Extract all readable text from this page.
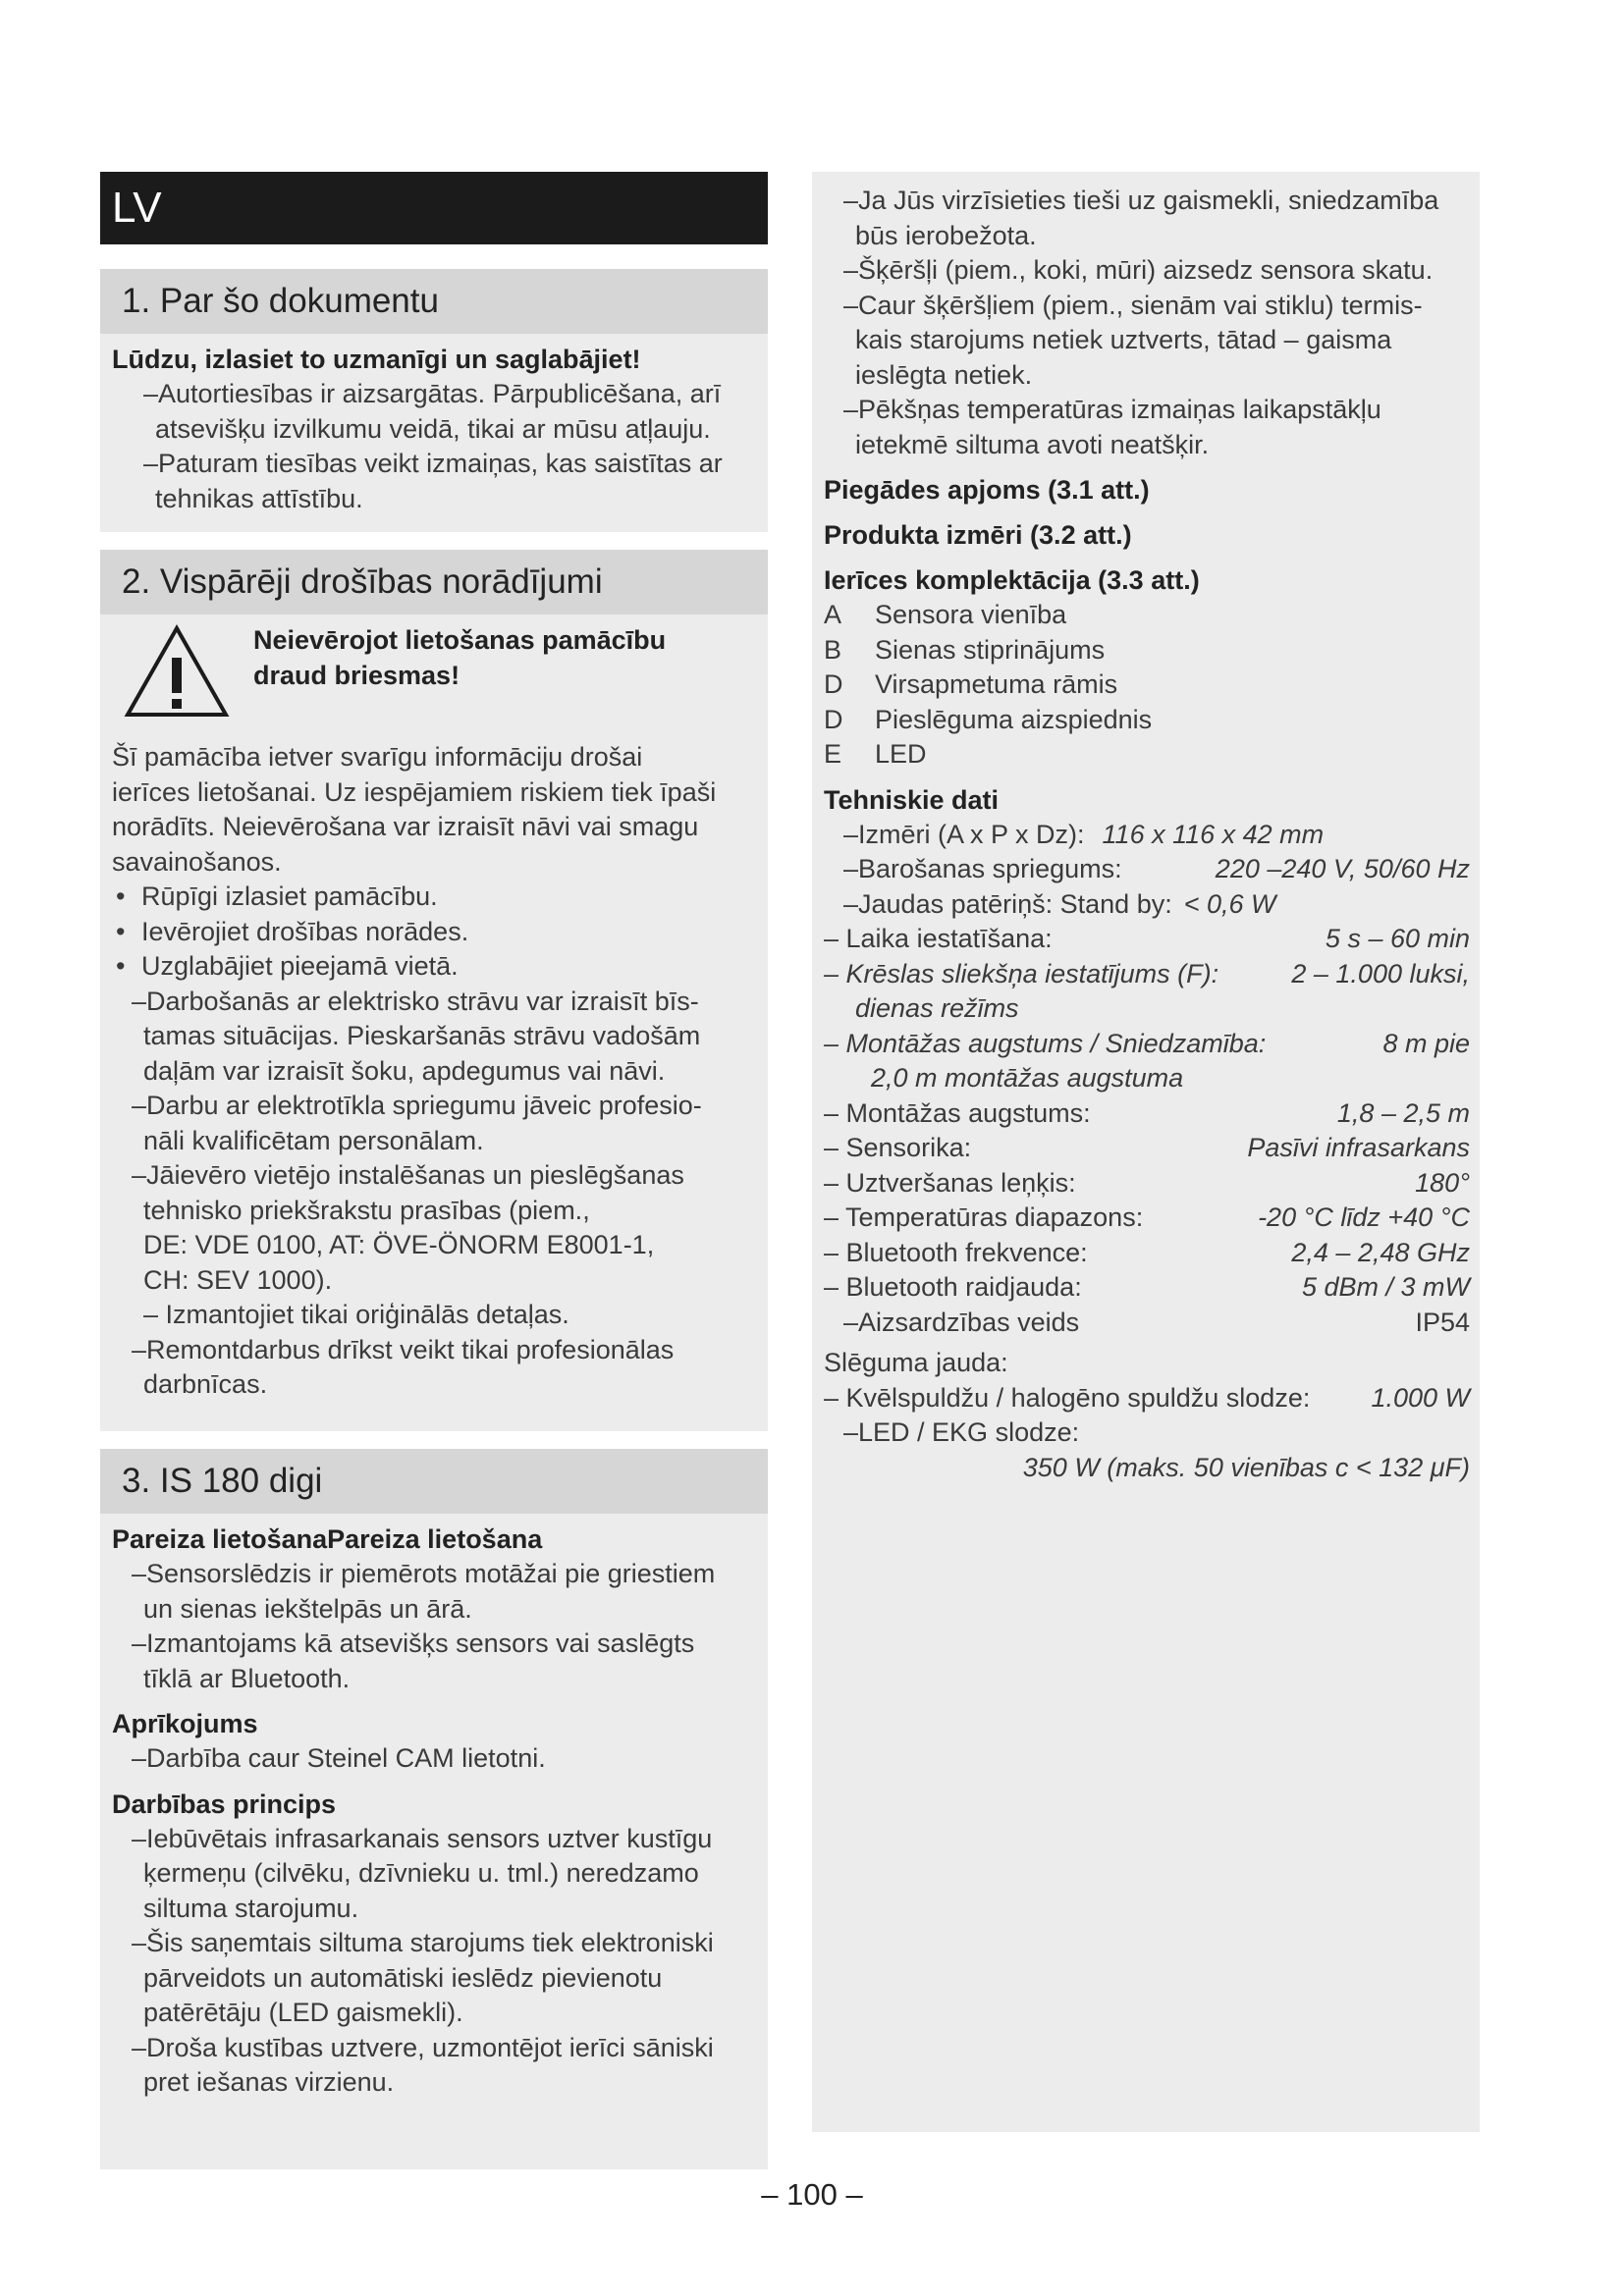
LV
1. Par šo dokumentu

Lūdzu, izlasiet to uzmanīgi un saglabājiet!

–Autortiesības ir aizsargātas. Pārpublicēšana, arī

atsevišķu izvilkumu veidā, tikai ar mūsu atļauju.

–Paturam tiesības veikt izmaiņas, kas saistītas ar

tehnikas attīstību.

2. Vispārēji drošības norādījumi

Neievērojot lietošanas pamācību

draud briesmas!

Šī pamācība ietver svarīgu informāciju drošai

ierīces lietošanai. Uz iespējamiem riskiem tiek īpaši

norādīts. Neievērošana var izraisīt nāvi vai smagu

savainošanos.

• Rūpīgi izlasiet pamācību.

• Ievērojiet drošības norādes.

• Uzglabājiet pieejamā vietā.

–Darbošanās ar elektrisko strāvu var izraisīt bīs-

tamas situācijas. Pieskaršanās strāvu vadošām

daļām var izraisīt šoku, apdegumus vai nāvi.

–Darbu ar elektrotīkla spriegumu jāveic profesio-

nāli kvalificētam personālam.

–Jāievēro vietējo instalēšanas un pieslēgšanas

tehnisko priekšrakstu prasības (piem.,

DE: VDE 0100, AT: ÖVE-ÖNORM E8001-1,

CH: SEV 1000).

– Izmantojiet tikai oriģinālās detaļas.

–Remontdarbus drīkst veikt tikai profesionālas

darbnīcas.

3. IS 180 digi

Pareiza lietošanaPareiza lietošana

–Sensorslēdzis ir piemērots motāžai pie griestiem

un sienas iekštelpās un ārā.

–Izmantojams kā atsevišķs sensors vai saslēgts

tīklā ar Bluetooth.

Aprīkojums

–Darbība caur Steinel CAM lietotni.

Darbības princips

–Iebūvētais infrasarkanais sensors uztver kustīgu

ķermeņu (cilvēku, dzīvnieku u. tml.) neredzamo

siltuma starojumu.

–Šis saņemtais siltuma starojums tiek elektroniski

pārveidots un automātiski ieslēdz pievienotu

patērētāju (LED gaismekli).

–Droša kustības uztvere, uzmontējot ierīci sāniski

pret iešanas virzienu.

–Ja Jūs virzīsieties tieši uz gaismekli, sniedzamība

būs ierobežota.

–Šķēršļi (piem., koki, mūri) aizsedz sensora skatu.

–Caur šķēršļiem (piem., sienām vai stiklu) termis-

kais starojums netiek uztverts, tātad – gaisma

ieslēgta netiek.

–Pēkšņas temperatūras izmaiņas laikapstākļu

ietekmē siltuma avoti neatšķir.

Piegādes apjoms (3.1 att.)

Produkta izmēri (3.2 att.)

Ierīces komplektācija (3.3 att.)

A	Sensora vienība
B	Sienas stiprinājums
D	Virsapmetuma rāmis
D	Pieslēguma aizspiednis
E	LED

Tehniskie dati

–Izmēri (A x P x Dz): 116 x 116 x 42 mm
–Barošanas spriegums:	220 –240 V, 50/60 Hz
–Jaudas patēriņš: Stand by: < 0,6 W
– Laika iestatīšana:	5 s – 60 min
– Krēslas sliekšņa iestatījums (F):	2 – 1.000 luksi,

dienas režīms

– Montāžas augstums / Sniedzamība:	8 m pie

2,0 m montāžas augstuma

– Montāžas augstums:	1,8 – 2,5 m
– Sensorika:	Pasīvi infrasarkans
– Uztveršanas leņķis:	180°
– Temperatūras diapazons:	-20 °C līdz +40 °C
– Bluetooth frekvence:	2,4 – 2,48 GHz
– Bluetooth raidjauda:	5 dBm / 3 mW
–Aizsardzības veids	IP54

Slēguma jauda:

– Kvēlspuldžu / halogēno spuldžu slodze: 1.000 W

–LED / EKG slodze:

350 W (maks. 50 vienības c < 132 μF)

– 100 –
